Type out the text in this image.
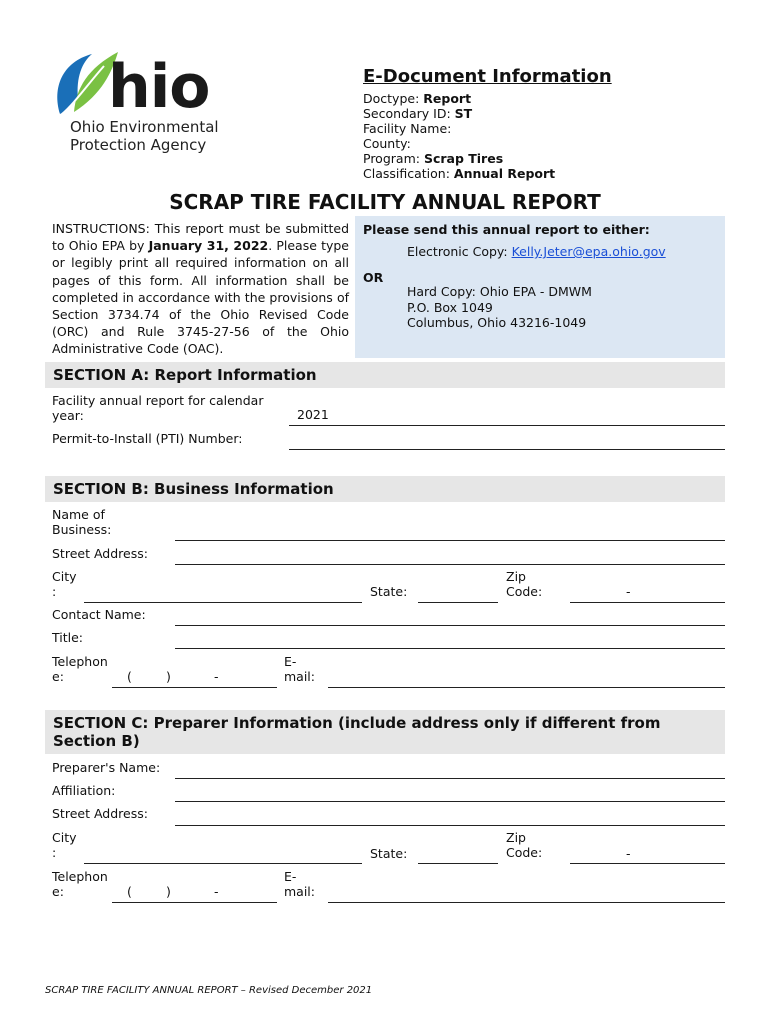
hio
Ohio Environmental
Protection Agency
E-Document Information
Doctype: Report
Secondary ID: ST
Facility Name:
County:
Program: Scrap Tires
Classification: Annual Report
SCRAP TIRE FACILITY ANNUAL REPORT
INSTRUCTIONS: This report must be submitted to Ohio EPA by January 31, 2022. Please type or legibly print all required information on all pages of this form. All information shall be completed in accordance with the provisions of Section 3734.74 of the Ohio Revised Code (ORC) and Rule 3745-27-56 of the Ohio Administrative Code (OAC).
Please send this annual report to either:
Electronic Copy: Kelly.Jeter@epa.ohio.gov
OR
Hard Copy: Ohio EPA - DMWM
P.O. Box 1049
Columbus, Ohio 43216-1049
SECTION A: Report Information
Facility annual report for calendar
year:	2021
Permit-to-Install (PTI) Number:
SECTION B: Business Information
Name of
Business:
Street Address:
City
:	State:
Zip
Code:	-
Contact Name:
Title:
Telephon
e:	(	)	-
E-
mail:
SECTION C: Preparer Information (include address only if different from
Section B)
Preparer's Name:
Affiliation:
Street Address:
City
:	State:
Zip
Code:	-
Telephon
e:	(	)	-
E-
mail:
SCRAP TIRE FACILITY ANNUAL REPORT – Revised December 2021
